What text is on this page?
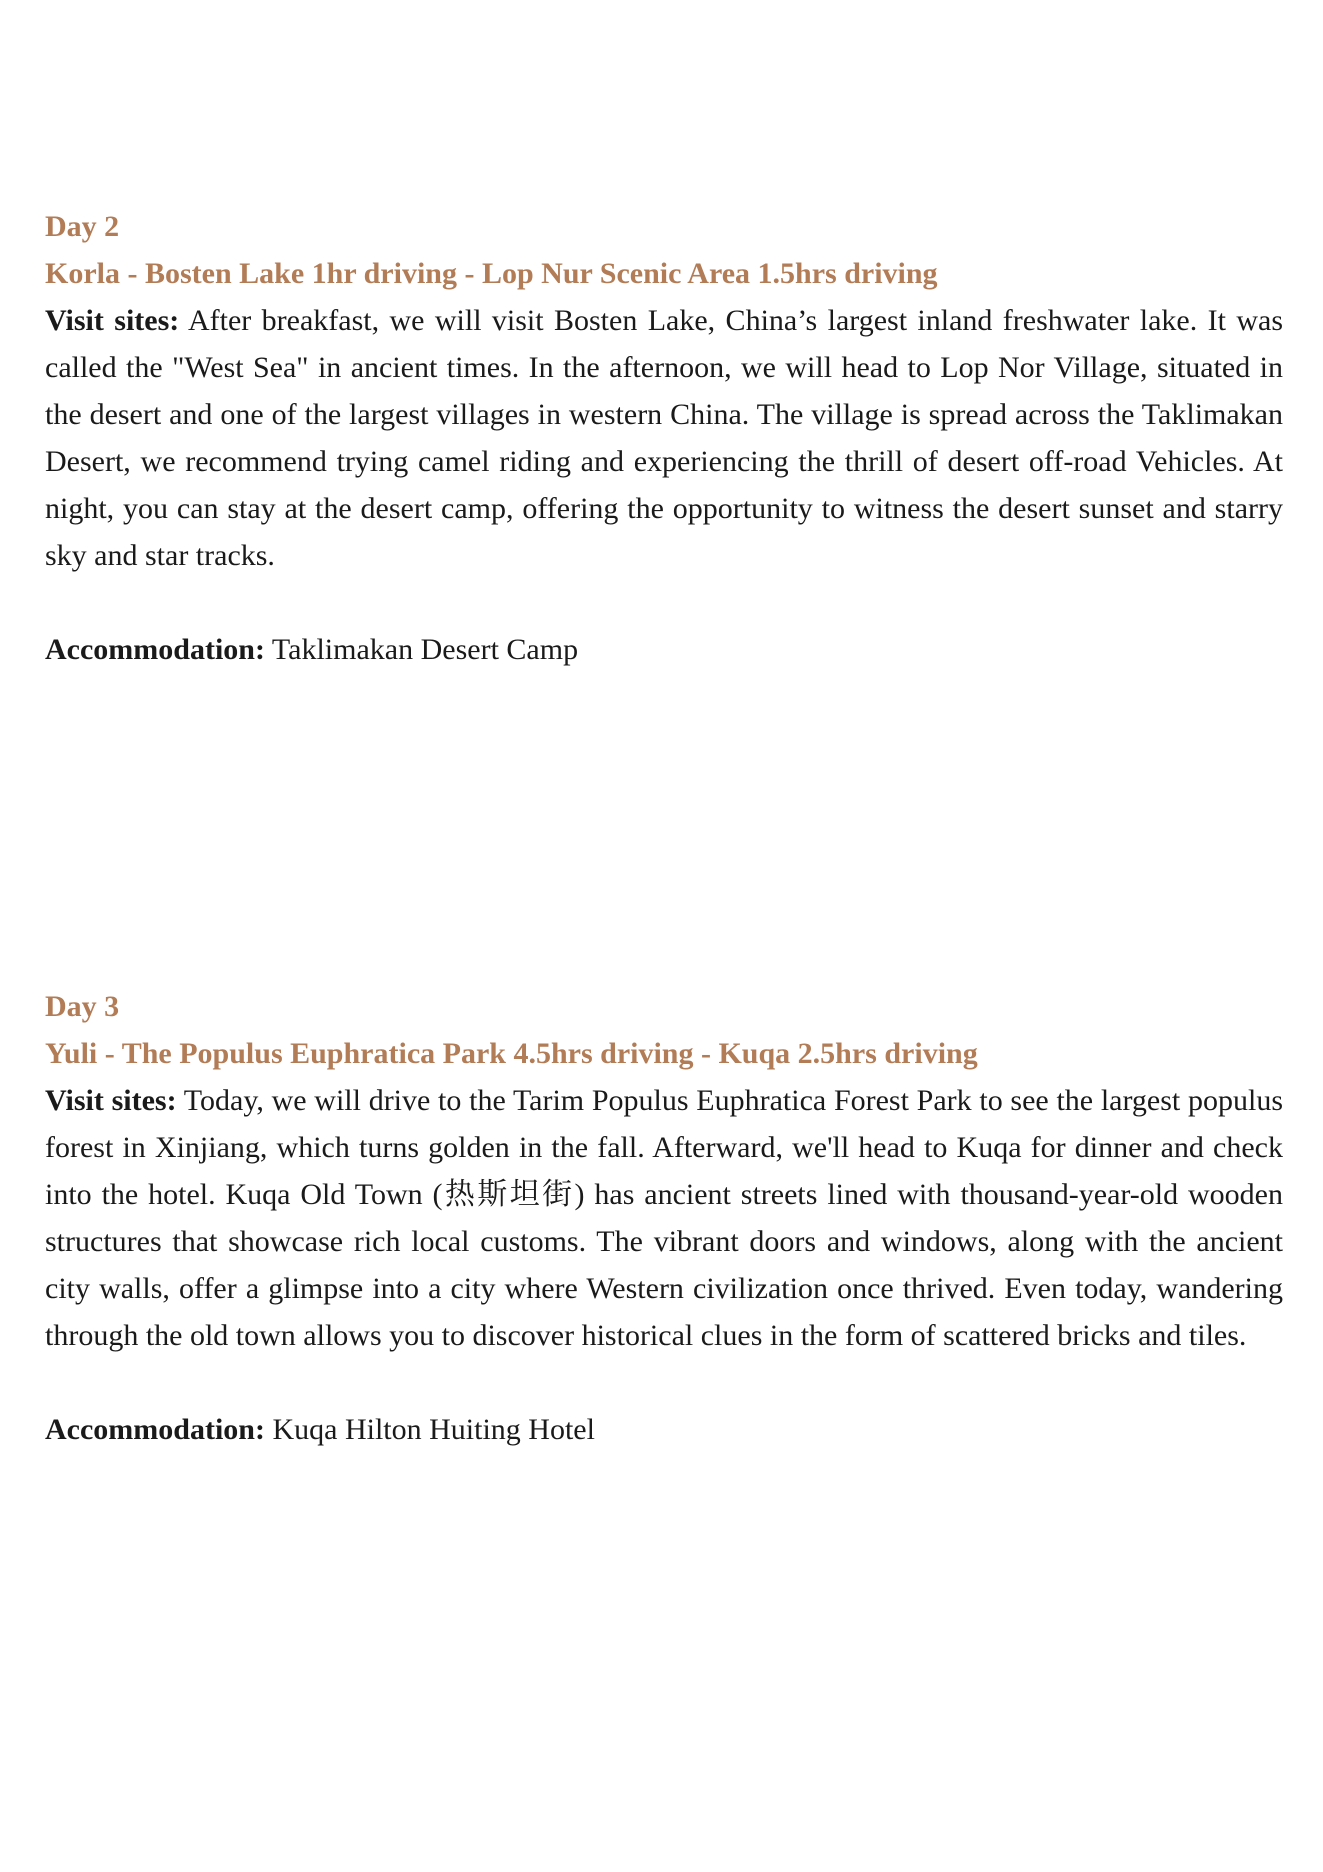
Day 2

Korla - Bosten Lake 1hr driving - Lop Nur Scenic Area 1.5hrs driving

Visit sites: After breakfast, we will visit Bosten Lake, China’s largest inland freshwater lake. It was called the "West Sea" in ancient times. In the afternoon, we will head to Lop Nor Village, situated in the desert and one of the largest villages in western China. The village is spread across the Taklimakan Desert, we recommend trying camel riding and experiencing the thrill of desert off-road Vehicles. At night, you can stay at the desert camp, offering the opportunity to witness the desert sunset and starry sky and star tracks.

Accommodation: Taklimakan Desert Camp

Day 3

Yuli - The Populus Euphratica Park 4.5hrs driving - Kuqa 2.5hrs driving

Visit sites: Today, we will drive to the Tarim Populus Euphratica Forest Park to see the largest populus forest in Xinjiang, which turns golden in the fall. Afterward, we'll head to Kuqa for dinner and check into the hotel. Kuqa Old Town (热斯坦街) has ancient streets lined with thousand-year-old wooden structures that showcase rich local customs. The vibrant doors and windows, along with the ancient city walls, offer a glimpse into a city where Western civilization once thrived. Even today, wandering through the old town allows you to discover historical clues in the form of scattered bricks and tiles.

Accommodation: Kuqa Hilton Huiting Hotel
